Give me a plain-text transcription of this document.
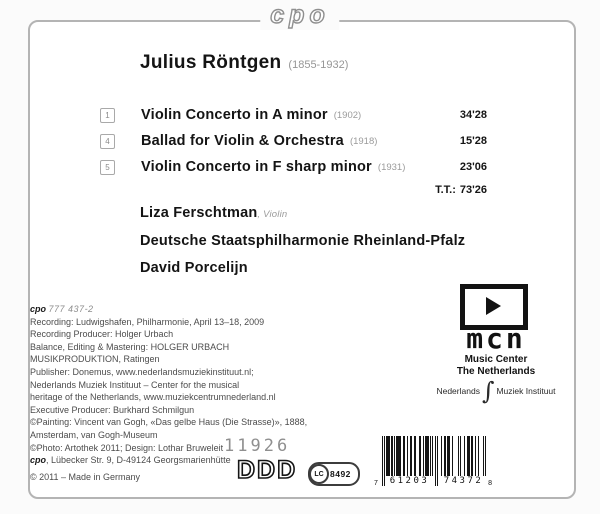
cpo
Julius Röntgen (1855-1932)
1	Violin Concerto in A minor (1902)	34'28
4	Ballad for Violin & Orchestra (1918)	15'28
5	Violin Concerto in F sharp minor (1931)	23'06
T.T.: 73'26
Liza Ferschtman, Violin
Deutsche Staatsphilharmonie Rheinland-Pfalz
David Porcelijn
cpo 777 437-2
Recording: Ludwigshafen, Philharmonie, April 13–18, 2009
Recording Producer: Holger Urbach
Balance, Editing & Mastering: HOLGER URBACH
MUSIKPRODUKTION, Ratingen
Publisher: Donemus, www.nederlandsmuziekinstituut.nl;
Nederlands Muziek Instituut – Center for the musical
heritage of the Netherlands, www.muziekcentrumnederland.nl
Executive Producer: Burkhard Schmilgun
©Painting: Vincent van Gogh, «Das gelbe Haus (Die Strasse)», 1888,
Amsterdam, van Gogh-Museum
©Photo: Artothek 2011; Design: Lothar Bruweleit
cpo, Lübecker Str. 9, D-49124 Georgsmarienhütte
© 2011 – Made in Germany
mcn
Music Center
The Netherlands
Nederlands ∫ Muziek Instituut
11926
DDD	LC 8492
7	61203	74372 8
